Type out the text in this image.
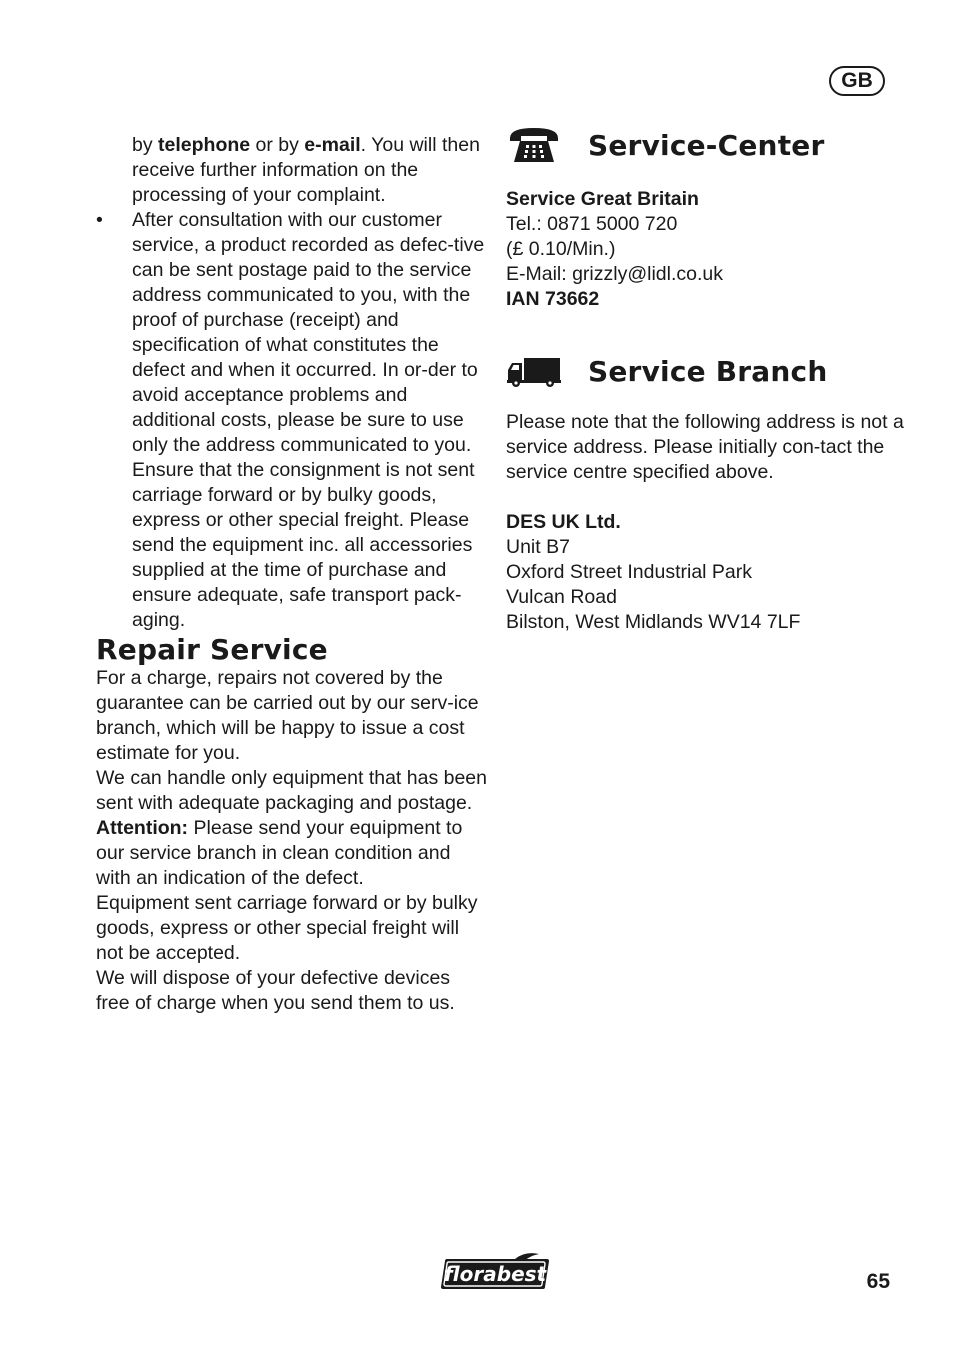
GB

by telephone or by e-mail. You will then receive further information on the processing of your complaint.

• After consultation with our customer service, a product recorded as defec-tive can be sent postage paid to the service address communicated to you, with the proof of purchase (receipt) and specification of what constitutes the defect and when it occurred. In or-der to avoid acceptance problems and additional costs, please be sure to use only the address communicated to you. Ensure that the consignment is not sent carriage forward or by bulky goods, express or other special freight. Please send the equipment inc. all accessories supplied at the time of purchase and ensure adequate, safe transport pack-aging.

Repair Service

For a charge, repairs not covered by the guarantee can be carried out by our serv-ice branch, which will be happy to issue a cost estimate for you.

We can handle only equipment that has been sent with adequate packaging and postage.

Attention: Please send your equipment to our service branch in clean condition and with an indication of the defect.

Equipment sent carriage forward or by bulky goods, express or other special freight will not be accepted.

We will dispose of your defective devices free of charge when you send them to us.

Service-Center

Service Great Britain

Tel.: 0871 5000 720

(£ 0.10/Min.)

E-Mail: grizzly@lidl.co.uk

IAN 73662

Service Branch

Please note that the following address is not a service address. Please initially con-tact the service centre specified above.

DES UK Ltd.

Unit B7

Oxford Street Industrial Park

Vulcan Road

Bilston, West Midlands WV14 7LF

florabest	65
